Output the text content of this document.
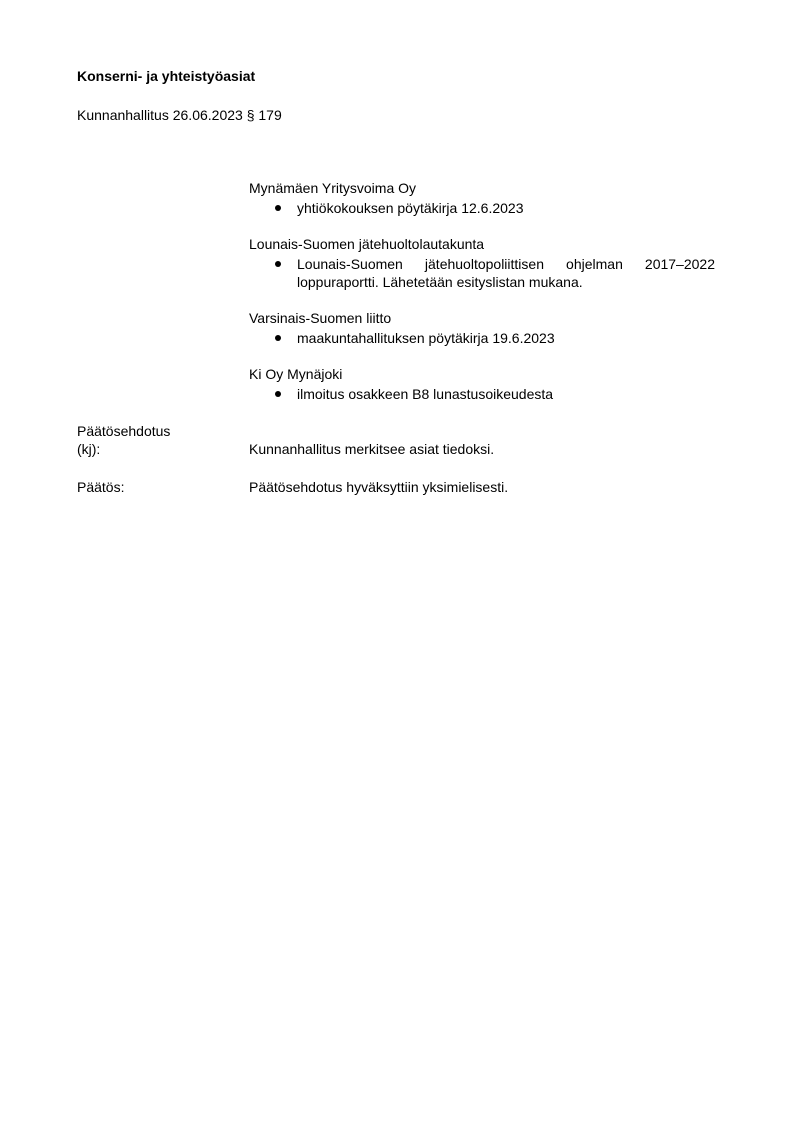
Konserni- ja yhteistyöasiat
Kunnanhallitus 26.06.2023 § 179
Mynämäen Yritysvoima Oy
yhtiökokouksen pöytäkirja 12.6.2023
Lounais-Suomen jätehuoltolautakunta
Lounais-Suomen jätehuoltopoliittisen ohjelman 2017–2022 loppuraportti. Lähetetään esityslistan mukana.
Varsinais-Suomen liitto
maakuntahallituksen pöytäkirja 19.6.2023
Ki Oy Mynäjoki
ilmoitus osakkeen B8 lunastusoikeudesta
Päätösehdotus
(kj):	Kunnanhallitus merkitsee asiat tiedoksi.
Päätös:	Päätösehdotus hyväksyttiin yksimielisesti.
